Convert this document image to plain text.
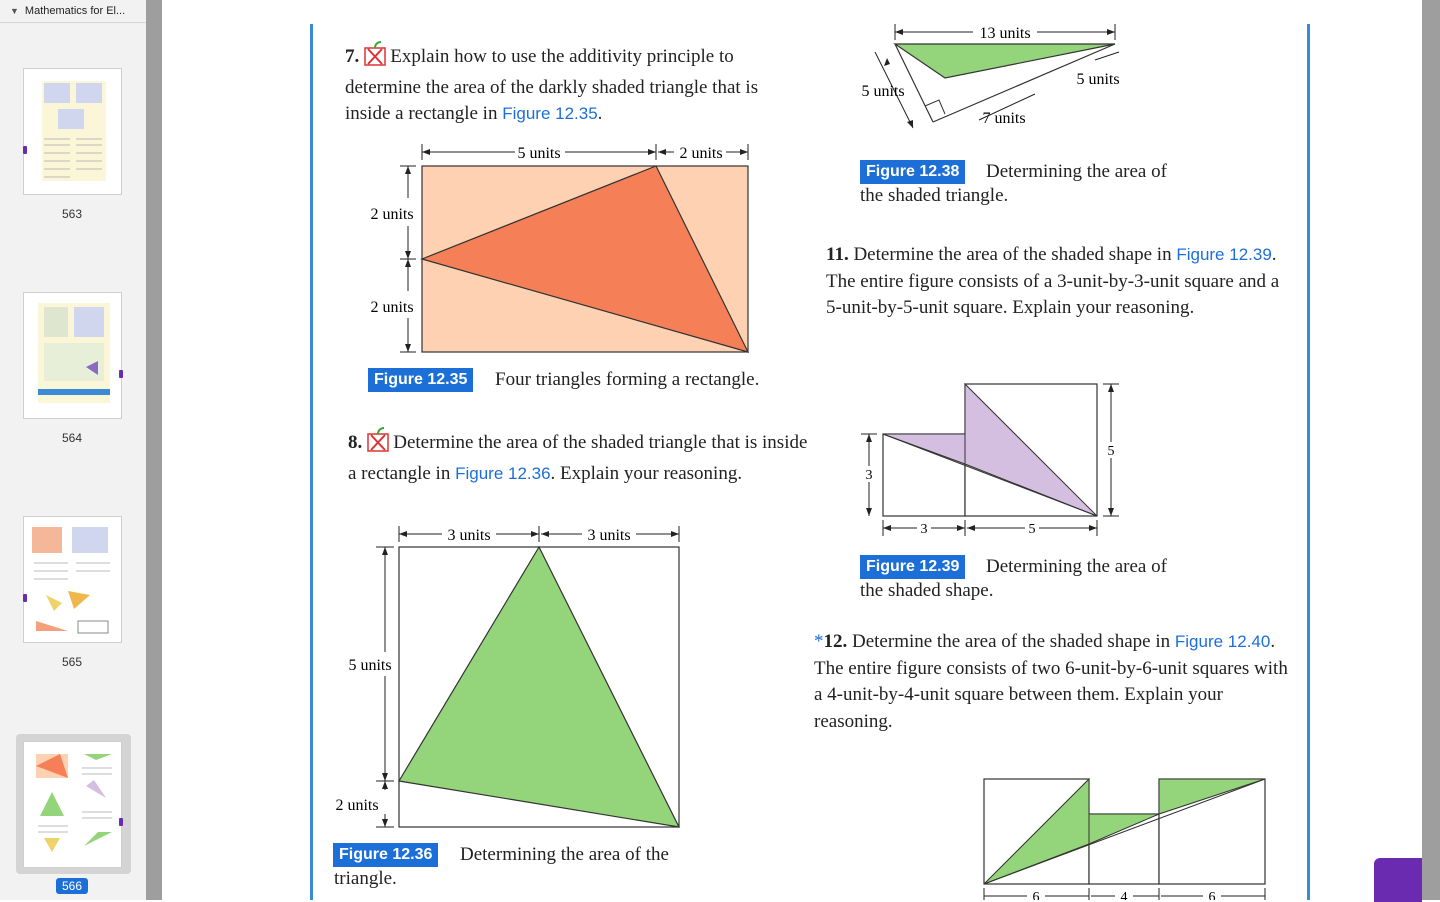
▼ Mathematics for El...
563
564
565
566
7. Explain how to use the additivity principle to determine the area of the darkly shaded triangle that is inside a rectangle in Figure 12.35.
5 units	2 units
2 units
2 units
Figure 12.35	Four triangles forming a rectangle.
8. Determine the area of the shaded triangle that is inside a rectangle in Figure 12.36. Explain your reasoning.
3 units	3 units
5 units
2 units
Figure 12.36	Determining the area of the triangle.
13 units
5 units
5 units
7 units
Figure 12.38	Determining the area of the shaded triangle.
11. Determine the area of the shaded shape in Figure 12.39. The entire figure consists of a 3-unit-by-3-unit square and a 5-unit-by-5-unit square. Explain your reasoning.
5
3
3	5
Figure 12.39	Determining the area of the shaded shape.
*12. Determine the area of the shaded shape in Figure 12.40. The entire figure consists of two 6-unit-by-6-unit squares with a 4-unit-by-4-unit square between them. Explain your reasoning.
6	4	6
